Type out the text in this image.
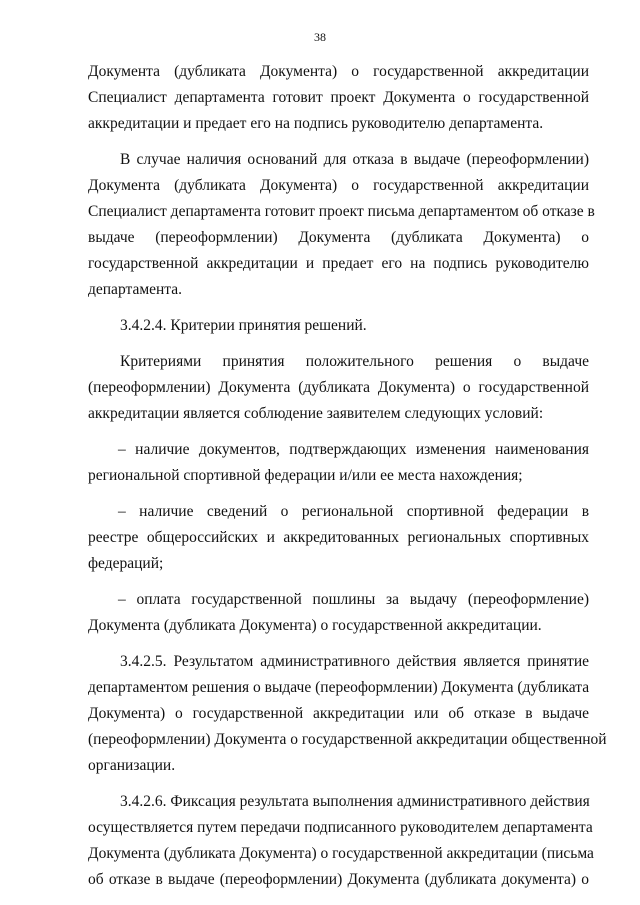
38
Документа (дубликата Документа) о государственной аккредитации
Специалист департамента готовит проект Документа о государственной
аккредитации и предает его на подпись руководителю департамента.
В случае наличия оснований для отказа в выдаче (переоформлении)
Документа (дубликата Документа) о государственной аккредитации
Специалист департамента готовит проект письма департаментом об отказе в
выдаче (переоформлении) Документа (дубликата Документа) о
государственной аккредитации и предает его на подпись руководителю
департамента.
3.4.2.4. Критерии принятия решений.
Критериями принятия положительного решения о выдаче
(переоформлении) Документа (дубликата Документа) о государственной
аккредитации является соблюдение заявителем следующих условий:
– наличие документов, подтверждающих изменения наименования
региональной спортивной федерации и/или ее места нахождения;
– наличие сведений о региональной спортивной федерации в
реестре общероссийских и аккредитованных региональных спортивных
федераций;
– оплата государственной пошлины за выдачу (переоформление)
Документа (дубликата Документа) о государственной аккредитации.
3.4.2.5. Результатом административного действия является принятие
департаментом решения о выдаче (переоформлении) Документа (дубликата
Документа) о государственной аккредитации или об отказе в выдаче
(переоформлении) Документа о государственной аккредитации общественной
организации.
3.4.2.6. Фиксация результата выполнения административного действия
осуществляется путем передачи подписанного руководителем департамента
Документа (дубликата Документа) о государственной аккредитации (письма
об отказе в выдаче (переоформлении) Документа (дубликата документа) о
